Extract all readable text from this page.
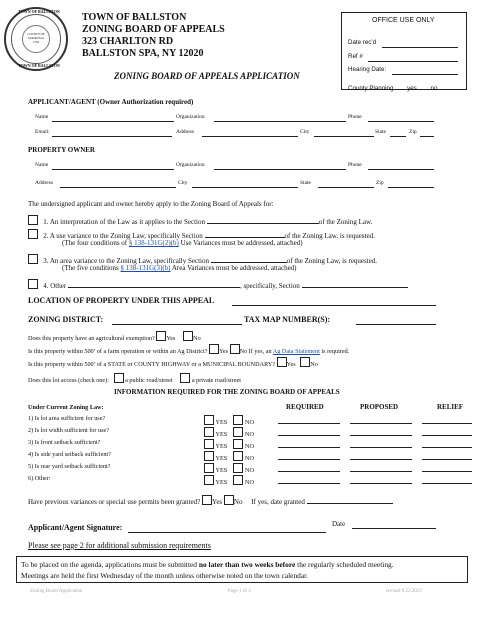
COUNTY OF
SARATOGA
1792
TOWN OF BALLSTON
TOWN OF BALLSTON
TOWN OF BALLSTON
ZONING BOARD OF APPEALS
323 CHARLTON RD
BALLSTON SPA, NY 12020
ZONING BOARD OF APPEALS APPLICATION
OFFICE USE ONLY
Date rec’d
Ref #
Hearing Date:
County Planning yes no
APPLICANT/AGENT (Owner Authorization required)
Name	Organization	Phone
Email:	Address	City	State	Zip
PROPERTY OWNER
Name	Organization	Phone
Address	City	State	Zip
The undersigned applicant and owner hereby apply to the Zoning Board of Appeals for:
1. An interpretation of the Law as it applies to the Section	of the Zoning Law.
2. A use variance to the Zoning Law, specifically Section	of the Zoning Law, is requested.
(The four conditions of § 138-131G(2)(b) Use Variances must be addressed, attached)
3. An area variance to the Zoning Law, specifically Section	of the Zoning Law, is requested.
(The five conditions § 138-131G(3)(b) Area Variances must be addressed, attached)
4. Other	, specifically, Section
LOCATION OF PROPERTY UNDER THIS APPEAL
ZONING DISTRICT:	TAX MAP NUMBER(S):
Does this property have an agricultural exemption? Yes	No
Is this property within 500’ of a farm operation or within an Ag District? Yes No If yes, an Ag Data Statement is required.
Is this property within 500’ of a STATE or COUNTY HIGHWAY or a MUNICIPAL BOUNDARY? Yes No
Does this lot access (check one):	a public road/street	a private road/street
INFORMATION REQUIRED FOR THE ZONING BOARD OF APPEALS
Under Current Zoning Law:	REQUIRED	PROPOSED	RELIEF
1) Is lot area sufficient for use?
YES	NO
2) Is lot width sufficient for use?
YES	NO
3) Is front setback sufficient?
YES	NO
4) Is side yard setback sufficient?
YES	NO
5) Is rear yard setback sufficient?
YES	NO
6) Other:
YES	NO
Have previous variances or special use permits been granted? Yes No If yes, date granted
Applicant/Agent Signature:	Date
Please see page 2 for additional submission requirements
To be placed on the agenda, applications must be submitted no later than two weeks before the regularly scheduled meeting.
Meetings are held the first Wednesday of the month unless otherwise noted on the town calendar.
Zoning Board Application	Page 1 of 3	revised 9.22.2023
